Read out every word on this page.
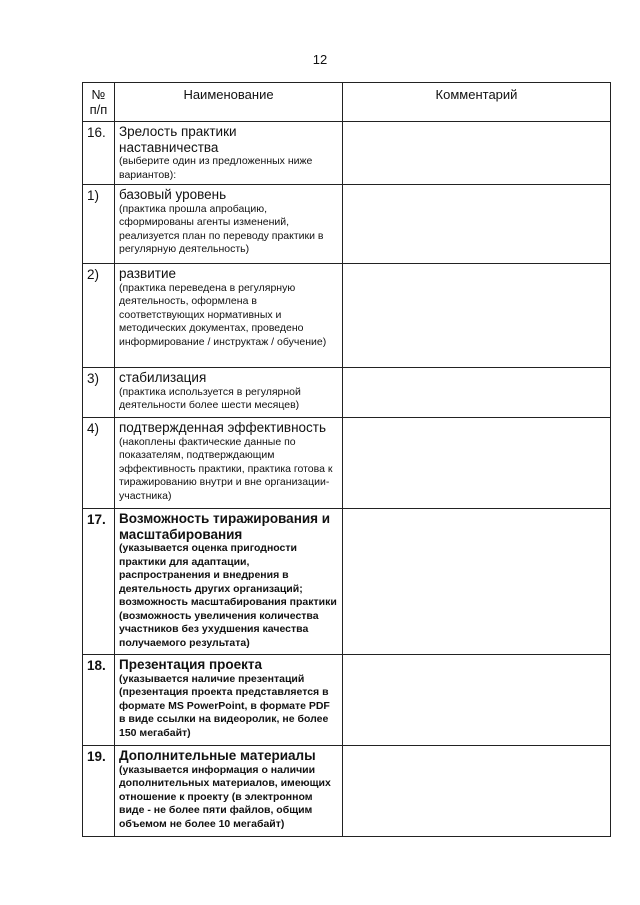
12
№ п/п	Наименование	Комментарий
16.	Зрелость практики
наставничества
(выберите один из предложенных ниже вариантов):	

1)	базовый уровень
(практика прошла апробацию, сформированы агенты изменений, реализуется план по переводу практики в регулярную деятельность)	

2)	развитие
(практика переведена в регулярную деятельность, оформлена в соответствующих нормативных и методических документах, проведено информирование / инструктаж / обучение)	

3)	стабилизация
(практика используется в регулярной деятельности более шести месяцев)	

4)	подтвержденная эффективность
(накоплены фактические данные по показателям, подтверждающим эффективность практики, практика готова к тиражированию внутри и вне организации-участника)	

17.	Возможность тиражирования и масштабирования
(указывается оценка пригодности практики для адаптации, распространения и внедрения в деятельность других организаций; возможность масштабирования практики (возможность увеличения количества участников без ухудшения качества получаемого результата)	

18.	Презентация проекта
(указывается наличие презентаций (презентация проекта представляется в формате MS PowerPoint, в формате PDF в виде ссылки на видеоролик, не более 150 мегабайт)	

19.	Дополнительные материалы
(указывается информация о наличии дополнительных материалов, имеющих отношение к проекту (в электронном виде - не более пяти файлов, общим объемом не более 10 мегабайт)	
